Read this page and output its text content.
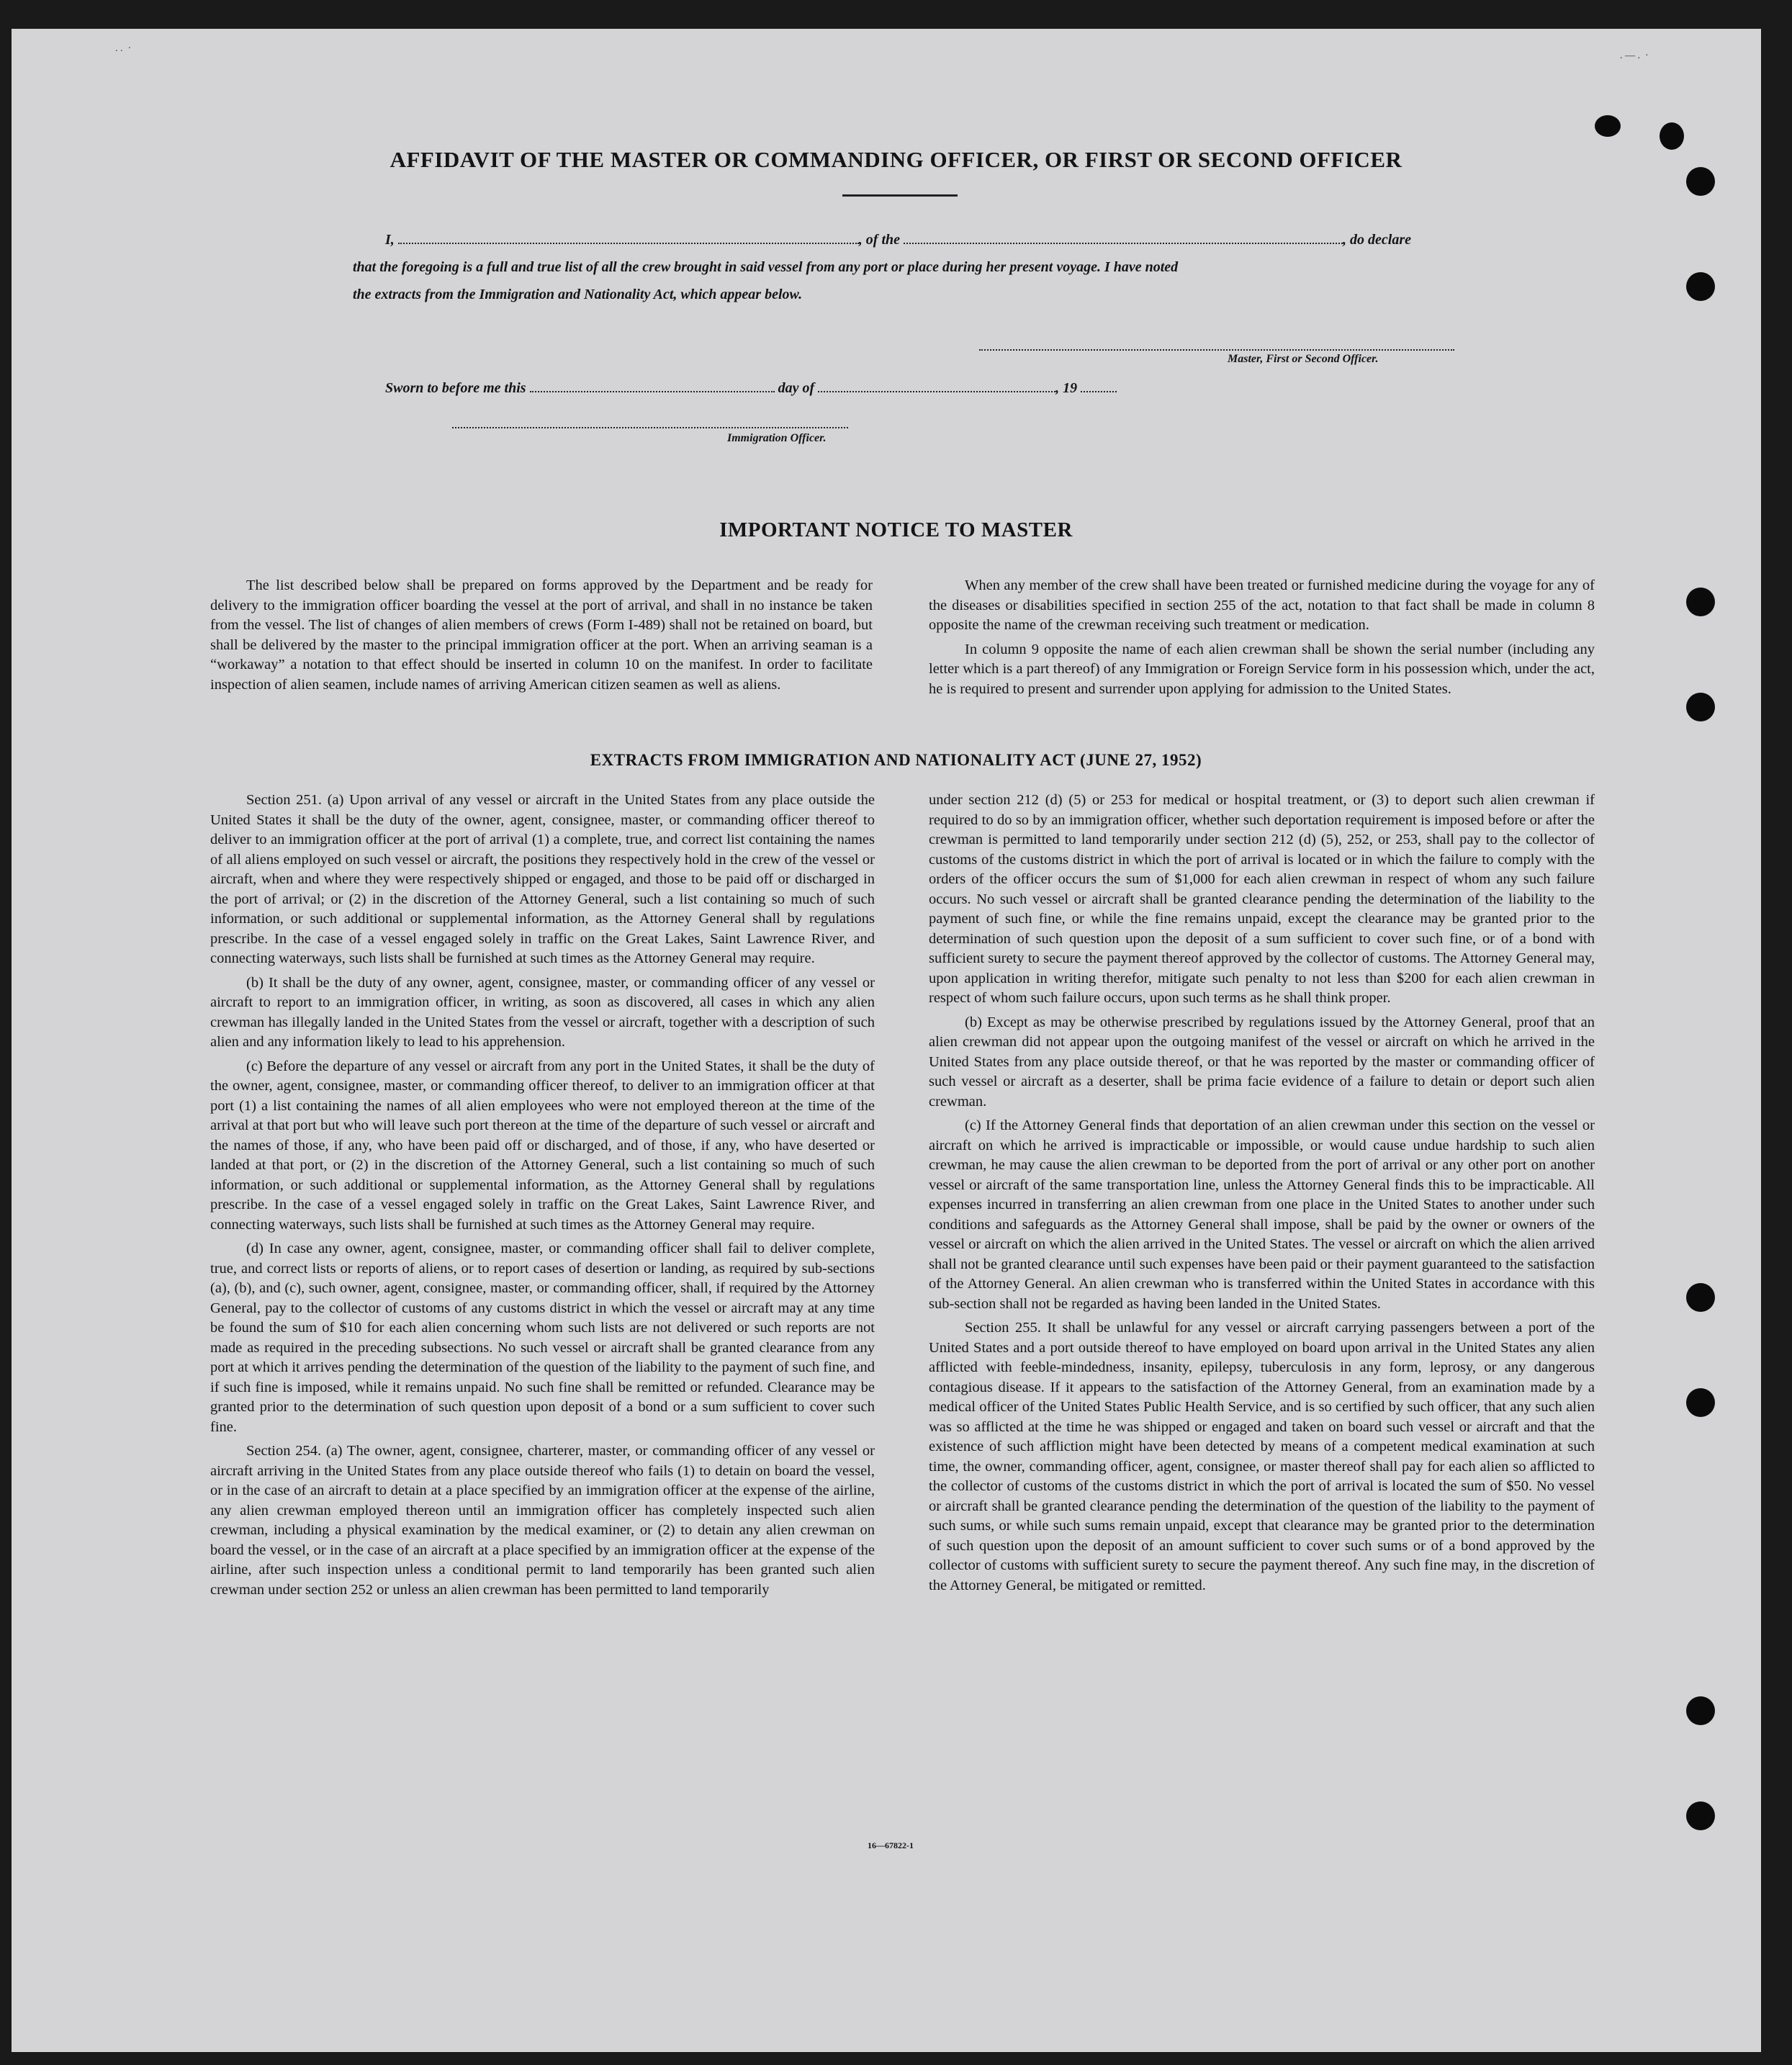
. .  ·
. — .  ·
AFFIDAVIT OF THE MASTER OR COMMANDING OFFICER, OR FIRST OR SECOND OFFICER
I,	, of the	, do declare
that the foregoing is a full and true list of all the crew brought in said vessel from any port or place during her present voyage. I have noted
the extracts from the Immigration and Nationality Act, which appear below.
Master, First or Second Officer.
Sworn to before me this	day of	, 19
Immigration Officer.
IMPORTANT NOTICE TO MASTER

The list described below shall be prepared on forms approved by the Department and be ready for delivery to the immigration officer boarding the vessel at the port of arrival, and shall in no instance be taken from the vessel. The list of changes of alien members of crews (Form I-489) shall not be retained on board, but shall be delivered by the master to the principal immigration officer at the port. When an arriving seaman is a “workaway” a notation to that effect should be inserted in column 10 on the manifest. In order to facilitate inspection of alien seamen, include names of arriving American citizen seamen as well as aliens.

When any member of the crew shall have been treated or furnished medicine during the voyage for any of the diseases or disabilities specified in section 255 of the act, notation to that fact shall be made in column 8 opposite the name of the crewman receiving such treatment or medication.

In column 9 opposite the name of each alien crewman shall be shown the serial number (including any letter which is a part thereof) of any Immigration or Foreign Service form in his possession which, under the act, he is required to present and surrender upon applying for admission to the United States.

EXTRACTS FROM IMMIGRATION AND NATIONALITY ACT (JUNE 27, 1952)

Section 251. (a) Upon arrival of any vessel or aircraft in the United States from any place outside the United States it shall be the duty of the owner, agent, consignee, master, or commanding officer thereof to deliver to an immigration officer at the port of arrival (1) a complete, true, and correct list containing the names of all aliens employed on such vessel or aircraft, the positions they respectively hold in the crew of the vessel or aircraft, when and where they were respectively shipped or engaged, and those to be paid off or discharged in the port of arrival; or (2) in the discretion of the Attorney General, such a list containing so much of such information, or such additional or supplemental information, as the Attorney General shall by regulations prescribe. In the case of a vessel engaged solely in traffic on the Great Lakes, Saint Lawrence River, and connecting waterways, such lists shall be furnished at such times as the Attorney General may require.

(b) It shall be the duty of any owner, agent, consignee, master, or commanding officer of any vessel or aircraft to report to an immigration officer, in writing, as soon as discovered, all cases in which any alien crewman has illegally landed in the United States from the vessel or aircraft, together with a description of such alien and any information likely to lead to his apprehension.

(c) Before the departure of any vessel or aircraft from any port in the United States, it shall be the duty of the owner, agent, consignee, master, or commanding officer thereof, to deliver to an immigration officer at that port (1) a list containing the names of all alien employees who were not employed thereon at the time of the arrival at that port but who will leave such port thereon at the time of the departure of such vessel or aircraft and the names of those, if any, who have been paid off or discharged, and of those, if any, who have deserted or landed at that port, or (2) in the discretion of the Attorney General, such a list containing so much of such information, or such additional or supplemental information, as the Attorney General shall by regulations prescribe. In the case of a vessel engaged solely in traffic on the Great Lakes, Saint Lawrence River, and connecting waterways, such lists shall be furnished at such times as the Attorney General may require.

(d) In case any owner, agent, consignee, master, or commanding officer shall fail to deliver complete, true, and correct lists or reports of aliens, or to report cases of desertion or landing, as required by sub-sections (a), (b), and (c), such owner, agent, consignee, master, or commanding officer, shall, if required by the Attorney General, pay to the collector of customs of any customs district in which the vessel or aircraft may at any time be found the sum of $10 for each alien concerning whom such lists are not delivered or such reports are not made as required in the preceding subsections. No such vessel or aircraft shall be granted clearance from any port at which it arrives pending the determination of the question of the liability to the payment of such fine, and if such fine is imposed, while it remains unpaid. No such fine shall be remitted or refunded. Clearance may be granted prior to the determination of such question upon deposit of a bond or a sum sufficient to cover such fine.

Section 254. (a) The owner, agent, consignee, charterer, master, or commanding officer of any vessel or aircraft arriving in the United States from any place outside thereof who fails (1) to detain on board the vessel, or in the case of an aircraft to detain at a place specified by an immigration officer at the expense of the airline, any alien crewman employed thereon until an immigration officer has completely inspected such alien crewman, including a physical examination by the medical examiner, or (2) to detain any alien crewman on board the vessel, or in the case of an aircraft at a place specified by an immigration officer at the expense of the airline, after such inspection unless a conditional permit to land temporarily has been granted such alien crewman under section 252 or unless an alien crewman has been permitted to land temporarily

under section 212 (d) (5) or 253 for medical or hospital treatment, or (3) to deport such alien crewman if required to do so by an immigration officer, whether such deportation requirement is imposed before or after the crewman is permitted to land temporarily under section 212 (d) (5), 252, or 253, shall pay to the collector of customs of the customs district in which the port of arrival is located or in which the failure to comply with the orders of the officer occurs the sum of $1,000 for each alien crewman in respect of whom any such failure occurs. No such vessel or aircraft shall be granted clearance pending the determination of the liability to the payment of such fine, or while the fine remains unpaid, except the clearance may be granted prior to the determination of such question upon the deposit of a sum sufficient to cover such fine, or of a bond with sufficient surety to secure the payment thereof approved by the collector of customs. The Attorney General may, upon application in writing therefor, mitigate such penalty to not less than $200 for each alien crewman in respect of whom such failure occurs, upon such terms as he shall think proper.

(b) Except as may be otherwise prescribed by regulations issued by the Attorney General, proof that an alien crewman did not appear upon the outgoing manifest of the vessel or aircraft on which he arrived in the United States from any place outside thereof, or that he was reported by the master or commanding officer of such vessel or aircraft as a deserter, shall be prima facie evidence of a failure to detain or deport such alien crewman.

(c) If the Attorney General finds that deportation of an alien crewman under this section on the vessel or aircraft on which he arrived is impracticable or impossible, or would cause undue hardship to such alien crewman, he may cause the alien crewman to be deported from the port of arrival or any other port on another vessel or aircraft of the same transportation line, unless the Attorney General finds this to be impracticable. All expenses incurred in transferring an alien crewman from one place in the United States to another under such conditions and safeguards as the Attorney General shall impose, shall be paid by the owner or owners of the vessel or aircraft on which the alien arrived in the United States. The vessel or aircraft on which the alien arrived shall not be granted clearance until such expenses have been paid or their payment guaranteed to the satisfaction of the Attorney General. An alien crewman who is transferred within the United States in accordance with this sub-section shall not be regarded as having been landed in the United States.

Section 255. It shall be unlawful for any vessel or aircraft carrying passengers between a port of the United States and a port outside thereof to have employed on board upon arrival in the United States any alien afflicted with feeble-mindedness, insanity, epilepsy, tuberculosis in any form, leprosy, or any dangerous contagious disease. If it appears to the satisfaction of the Attorney General, from an examination made by a medical officer of the United States Public Health Service, and is so certified by such officer, that any such alien was so afflicted at the time he was shipped or engaged and taken on board such vessel or aircraft and that the existence of such affliction might have been detected by means of a competent medical examination at such time, the owner, commanding officer, agent, consignee, or master thereof shall pay for each alien so afflicted to the collector of customs of the customs district in which the port of arrival is located the sum of $50. No vessel or aircraft shall be granted clearance pending the determination of the question of the liability to the payment of such sums, or while such sums remain unpaid, except that clearance may be granted prior to the determination of such question upon the deposit of an amount sufficient to cover such sums or of a bond approved by the collector of customs with sufficient surety to secure the payment thereof. Any such fine may, in the discretion of the Attorney General, be mitigated or remitted.

16—67822-1
